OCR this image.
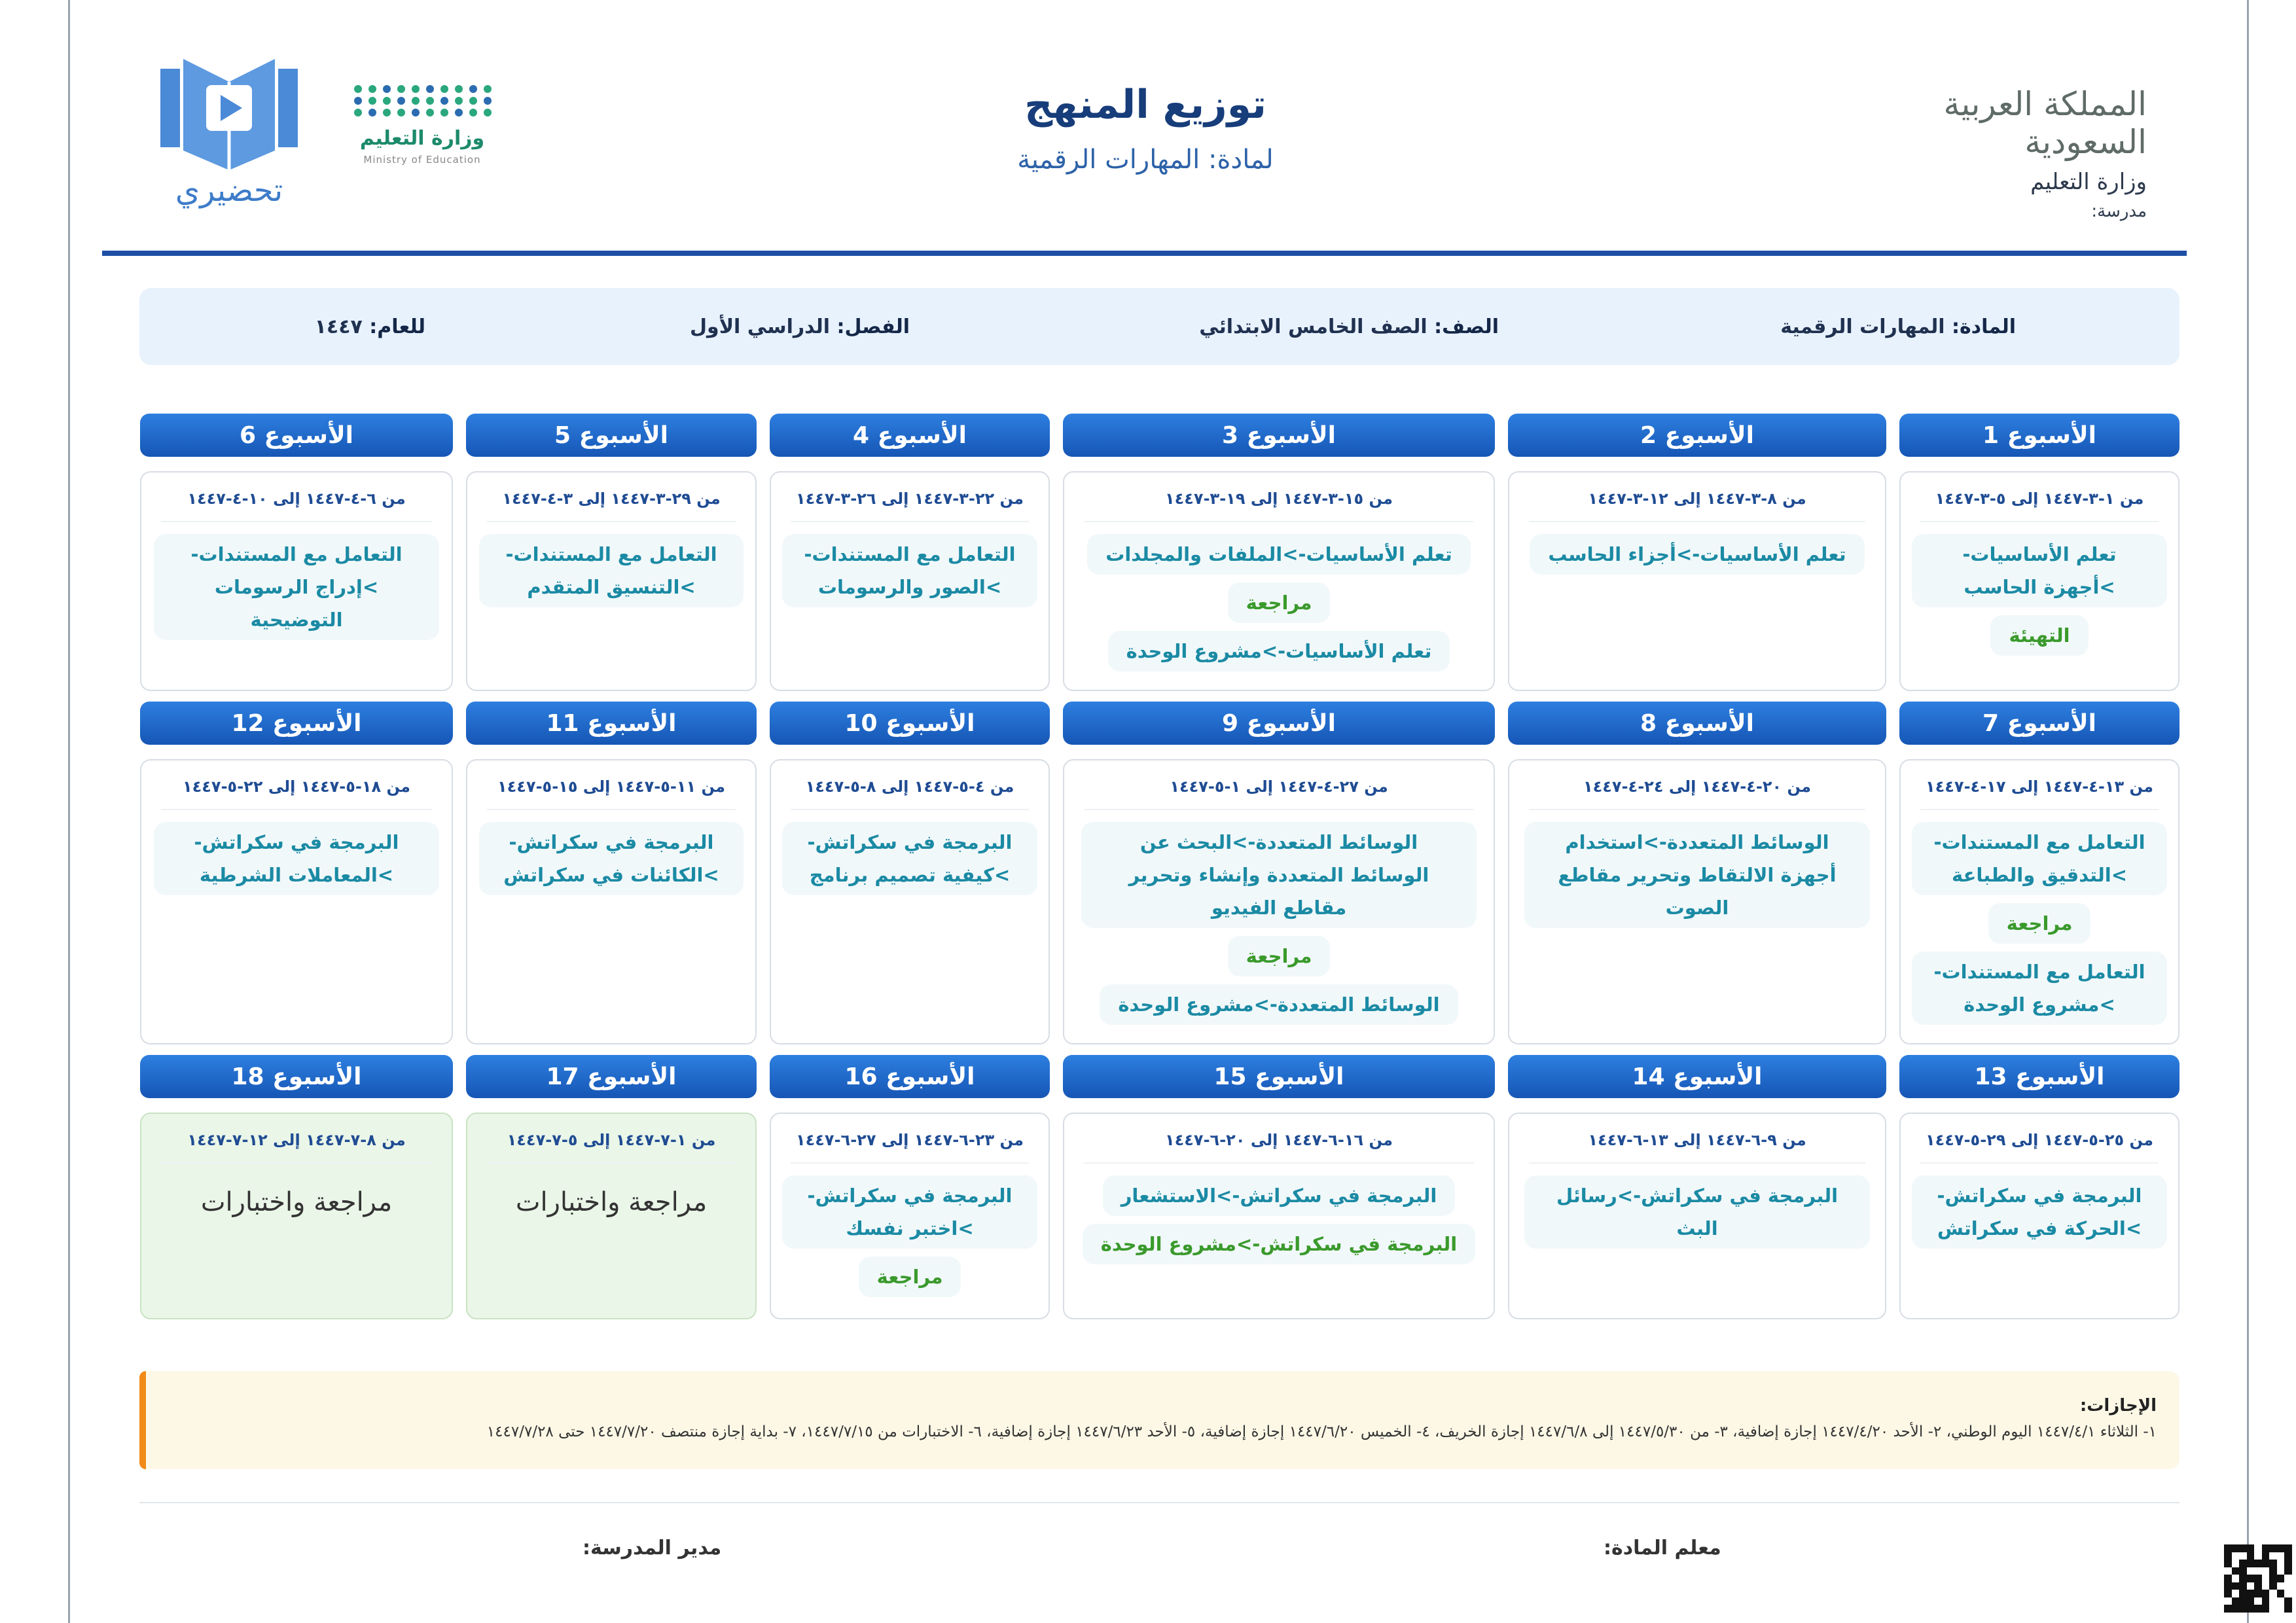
المملكة العربية السعودية
وزارة التعليم
مدرسة:
توزيع المنهج
لمادة: المهارات الرقمية
وزارة التعليم
Ministry of Education
تحضيري
المادة: المهارات الرقمية
الصف: الصف الخامس الابتدائي
الفصل: الدراسي الأول
للعام: ١٤٤٧
الأسبوع 1
من ١-٣-١٤٤٧ إلى ٥-٣-١٤٤٧
تعلم الأساسيات->أجهزة الحاسب
التهيئة
الأسبوع 2
من ٨-٣-١٤٤٧ إلى ١٢-٣-١٤٤٧
تعلم الأساسيات->أجزاء الحاسب
الأسبوع 3
من ١٥-٣-١٤٤٧ إلى ١٩-٣-١٤٤٧
تعلم الأساسيات->الملفات والمجلدات
مراجعة
تعلم الأساسيات->مشروع الوحدة
الأسبوع 4
من ٢٢-٣-١٤٤٧ إلى ٢٦-٣-١٤٤٧
التعامل مع المستندات->الصور والرسومات
الأسبوع 5
من ٢٩-٣-١٤٤٧ إلى ٣-٤-١٤٤٧
التعامل مع المستندات->التنسيق المتقدم
الأسبوع 6
من ٦-٤-١٤٤٧ إلى ١٠-٤-١٤٤٧
التعامل مع المستندات->إدراج الرسومات التوضيحية
الأسبوع 7
من ١٣-٤-١٤٤٧ إلى ١٧-٤-١٤٤٧
التعامل مع المستندات->التدقيق والطباعة
مراجعة
التعامل مع المستندات->مشروع الوحدة
الأسبوع 8
من ٢٠-٤-١٤٤٧ إلى ٢٤-٤-١٤٤٧
الوسائط المتعددة->استخدام أجهزة الالتقاط وتحرير مقاطع الصوت
الأسبوع 9
من ٢٧-٤-١٤٤٧ إلى ١-٥-١٤٤٧
الوسائط المتعددة->البحث عن الوسائط المتعددة وإنشاء وتحرير مقاطع الفيديو
مراجعة
الوسائط المتعددة->مشروع الوحدة
الأسبوع 10
من ٤-٥-١٤٤٧ إلى ٨-٥-١٤٤٧
البرمجة في سكراتش->كيفية تصميم برنامج
الأسبوع 11
من ١١-٥-١٤٤٧ إلى ١٥-٥-١٤٤٧
البرمجة في سكراتش->الكائنات في سكراتش
الأسبوع 12
من ١٨-٥-١٤٤٧ إلى ٢٢-٥-١٤٤٧
البرمجة في سكراتش->المعاملات الشرطية
الأسبوع 13
من ٢٥-٥-١٤٤٧ إلى ٢٩-٥-١٤٤٧
البرمجة في سكراتش->الحركة في سكراتش
الأسبوع 14
من ٩-٦-١٤٤٧ إلى ١٣-٦-١٤٤٧
البرمجة في سكراتش->رسائل البث
الأسبوع 15
من ١٦-٦-١٤٤٧ إلى ٢٠-٦-١٤٤٧
البرمجة في سكراتش->الاستشعار
البرمجة في سكراتش->مشروع الوحدة
الأسبوع 16
من ٢٣-٦-١٤٤٧ إلى ٢٧-٦-١٤٤٧
البرمجة في سكراتش->اختبر نفسك
مراجعة
الأسبوع 17
من ١-٧-١٤٤٧ إلى ٥-٧-١٤٤٧
مراجعة واختبارات
الأسبوع 18
من ٨-٧-١٤٤٧ إلى ١٢-٧-١٤٤٧
مراجعة واختبارات
الإجازات:
١- الثلاثاء ١٤٤٧/٤/١ اليوم الوطني، ٢- الأحد ١٤٤٧/٤/٢٠ إجازة إضافية، ٣- من ١٤٤٧/٥/٣٠ إلى ١٤٤٧/٦/٨ إجازة الخريف، ٤- الخميس ١٤٤٧/٦/٢٠ إجازة إضافية، ٥- الأحد ١٤٤٧/٦/٢٣ إجازة إضافية، ٦- الاختبارات من ١٤٤٧/٧/١٥، ٧- بداية إجازة منتصف ١٤٤٧/٧/٢٠ حتى ١٤٤٧/٧/٢٨
معلم المادة:
مدير المدرسة:
